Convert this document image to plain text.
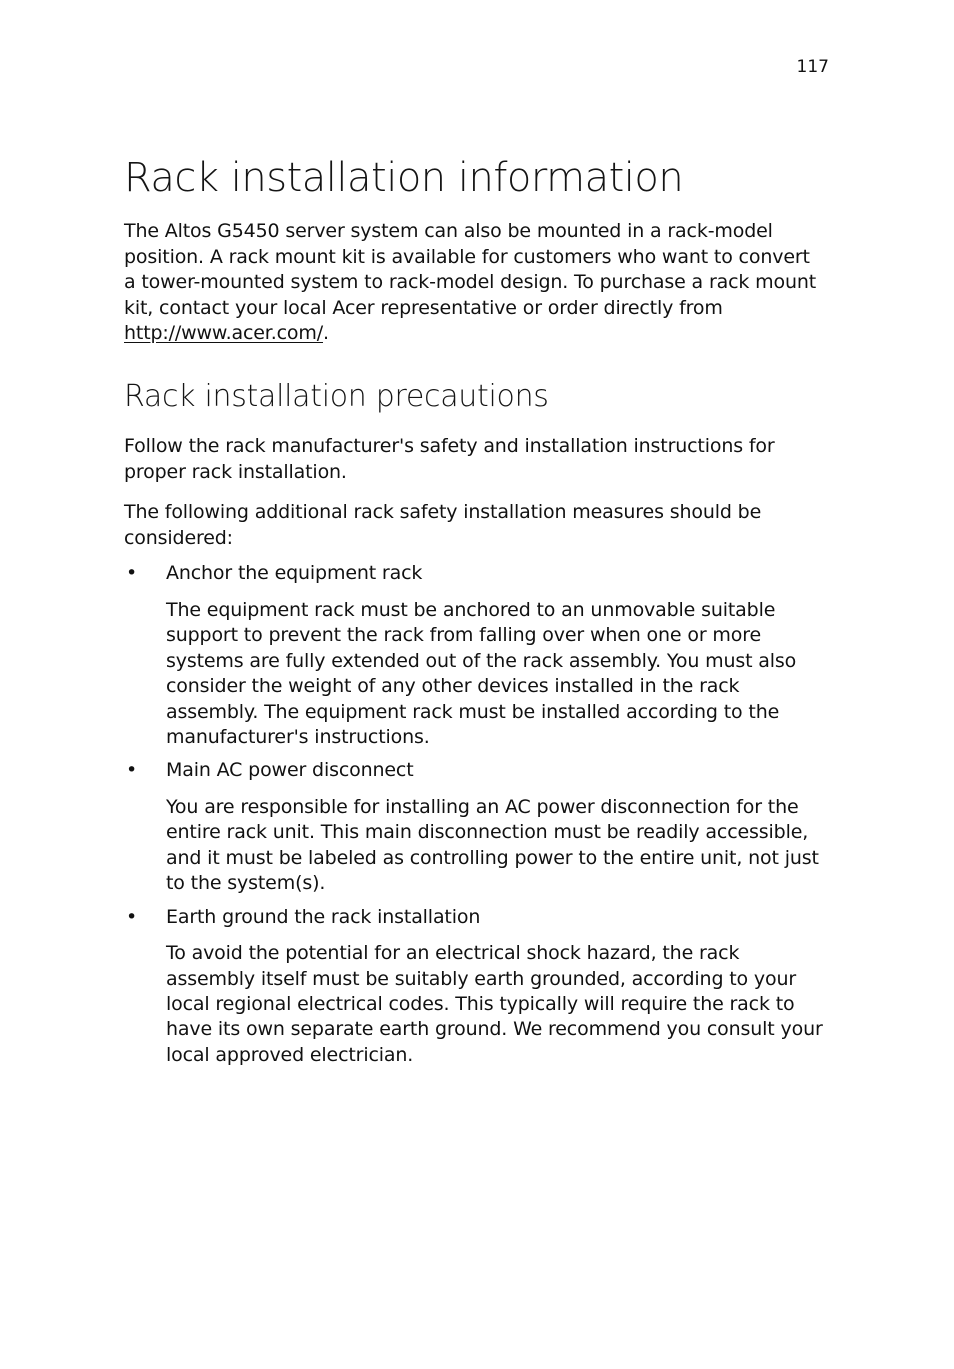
117
Rack installation information

The Altos G5450 server system can also be mounted in a rack-model position. A rack mount kit is available for customers who want to convert a tower-mounted system to rack-model design. To purchase a rack mount kit, contact your local Acer representative or order directly from http://www.acer.com/.

Rack installation precautions

Follow the rack manufacturer's safety and installation instructions for proper rack installation.

The following additional rack safety installation measures should be considered:

•	Anchor the equipment rack

The equipment rack must be anchored to an unmovable suitable support to prevent the rack from falling over when one or more systems are fully extended out of the rack assembly. You must also consider the weight of any other devices installed in the rack assembly. The equipment rack must be installed according to the manufacturer's instructions.

•	Main AC power disconnect

You are responsible for installing an AC power disconnection for the entire rack unit. This main disconnection must be readily accessible, and it must be labeled as controlling power to the entire unit, not just to the system(s).

•	Earth ground the rack installation

To avoid the potential for an electrical shock hazard, the rack assembly itself must be suitably earth grounded, according to your local regional electrical codes. This typically will require the rack to have its own separate earth ground. We recommend you consult your local approved electrician.
